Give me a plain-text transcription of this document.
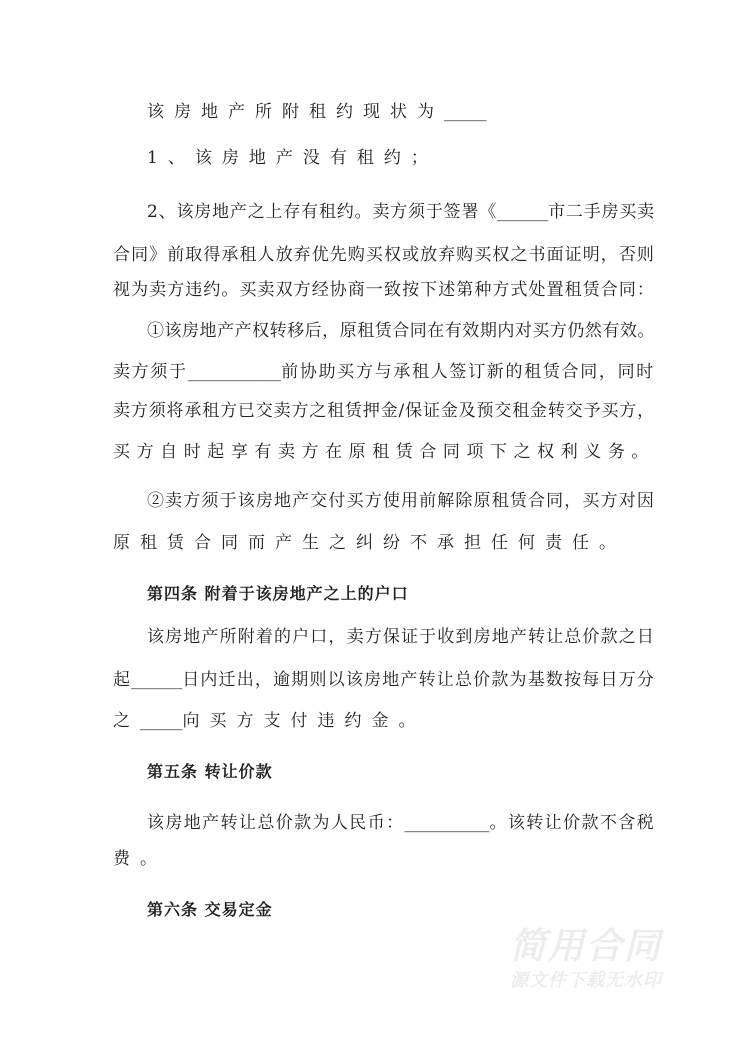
该房地产所附租约现状为_____
1、该房地产没有租约；
2、该房地产之上存有租约。卖方须于签署《______市二手房买卖
合同》前取得承租人放弃优先购买权或放弃购买权之书面证明，否则
视为卖方违约。买卖双方经协商一致按下述第种方式处置租赁合同：
①该房地产产权转移后，原租赁合同在有效期内对买方仍然有效。
卖方须于___________前协助买方与承租人签订新的租赁合同，同时
卖方须将承租方已交卖方之租赁押金/保证金及预交租金转交予买方，
买方自时起享有卖方在原租赁合同项下之权利义务。
②卖方须于该房地产交付买方使用前解除原租赁合同，买方对因
原租赁合同而产生之纠纷不承担任何责任。
第四条 附着于该房地产之上的户口
该房地产所附着的户口，卖方保证于收到房地产转让总价款之日
起______日内迁出，逾期则以该房地产转让总价款为基数按每日万分
之_____向买方支付违约金。
第五条 转让价款
该房地产转让总价款为人民币：__________。该转让价款不含税
费。
第六条 交易定金
简用合同
源文件下载无水印
